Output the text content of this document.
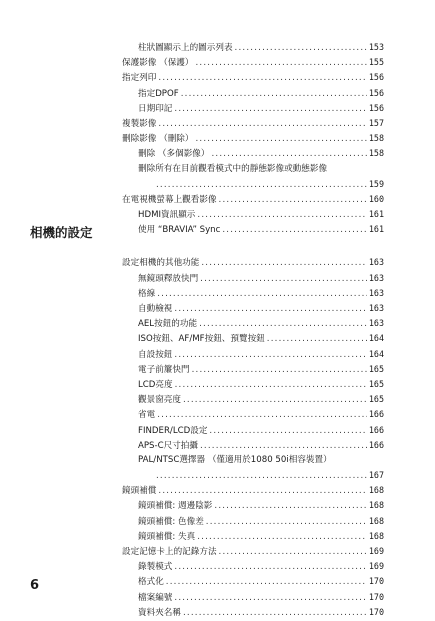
相機的設定
柱狀圖顯示上的圖示列表 .....	153
保護影像 （保護） .....	155
指定列印 .....	156
指定DPOF .....	156
日期印記 .....	156
複製影像 .....	157
刪除影像 （刪除） .....	158
刪除 （多個影像） .....	158
刪除所有在目前觀看模式中的靜態影像或動態影像
.....
159
在電視機螢幕上觀看影像 .....	160
HDMI資訊顯示 .....	161
使用 “BRAVIA” Sync .....	161
設定相機的其他功能 .....	163
無鏡頭釋放快門 .....	163
格線 .....	163
自動檢視 .....	163
AEL按鈕的功能 .....	163
ISO按鈕、AF/MF按鈕、預覽按鈕 .....	164
自設按鈕 .....	164
電子前簾快門 .....	165
LCD亮度 .....	165
觀景窗亮度 .....	165
省電 .....	166
FINDER/LCD設定 .....	166
APS-C尺寸拍攝 .....	166
PAL/NTSC選擇器 （僅適用於1080 50i相容裝置）
.....
167
鏡頭補償 .....	168
鏡頭補償: 週邊陰影 .....	168
鏡頭補償: 色像差 .....	168
鏡頭補償: 失真 .....	168
設定記憶卡上的記錄方法 .....	169
錄製模式 .....	169
格式化 .....	170
檔案編號 .....	170
資料夾名稱 .....	170
6
